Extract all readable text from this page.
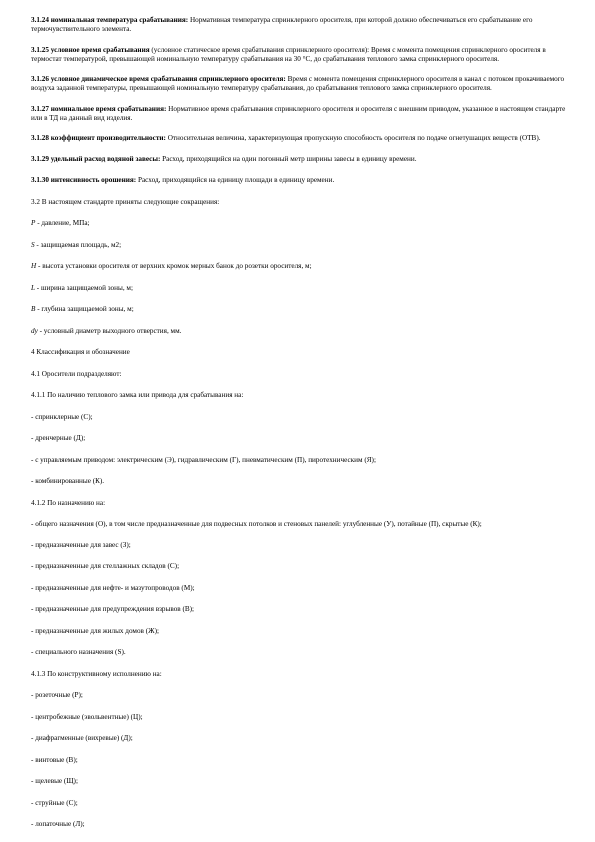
3.1.24 номинальная температура срабатывания: Нормативная температура спринклерного оросителя, при которой должно обеспечиваться его срабатывание его термочувствительного элемента.
3.1.25 условное время срабатывания (условное статическое время срабатывания спринклерного оросителя): Время с момента помещения спринклерного оросителя в термостат температурой, превышающей номинальную температуру срабатывания на 30 °С, до срабатывания теплового замка спринклерного оросителя.
3.1.26 условное динамическое время срабатывания спринклерного оросителя: Время с момента помещения спринклерного оросителя в канал с потоком прокачиваемого воздуха заданной температуры, превышающей номинальную температуру срабатывания, до срабатывания теплового замка спринклерного оросителя.
3.1.27 номинальное время срабатывания: Нормативное время срабатывания спринклерного оросителя и оросителя с внешним приводом, указанное в настоящем стандарте или в ТД на данный вид изделия.
3.1.28 коэффициент производительности: Относительная величина, характеризующая пропускную способность оросителя по подаче огнетушащих веществ (ОТВ).
3.1.29 удельный расход водяной завесы: Расход, приходящийся на один погонный метр ширины завесы в единицу времени.
3.1.30 интенсивность орошения: Расход, приходящийся на единицу площади в единицу времени.
3.2 В настоящем стандарте приняты следующие сокращения:
P - давление, МПа;
S - защищаемая площадь, м2;
H - высота установки оросителя от верхних кромок мерных банок до розетки оросителя, м;
L - ширина защищаемой зоны, м;
B - глубина защищаемой зоны, м;
dу - условный диаметр выходного отверстия, мм.
4 Классификация и обозначение
4.1 Оросители подразделяют:
4.1.1 По наличию теплового замка или привода для срабатывания на:
- спринклерные (С);
- дренчерные (Д);
- с управляемым приводом: электрическим (Э), гидравлическим (Г), пневматическим (П), пиротехническим (Я);
- комбинированные (К).
4.1.2 По назначению на:
- общего назначения (О), в том числе предназначенные для подвесных потолков и стеновых панелей: углубленные (У), потайные (П), скрытые (К);
- предназначенные для завес (З);
- предназначенные для стеллажных складов (С);
- предназначенные для нефте- и мазутопроводов (М);
- предназначенные для предупреждения взрывов (В);
- предназначенные для жилых домов (Ж);
- специального назначения (S).
4.1.3 По конструктивному исполнению на:
- розеточные (Р);
- центробежные (эвольвентные) (Ц);
- диафрагменные (вихревые) (Д);
- винтовые (В);
- щелевые (Щ);
- струйные (С);
- лопаточные (Л);
